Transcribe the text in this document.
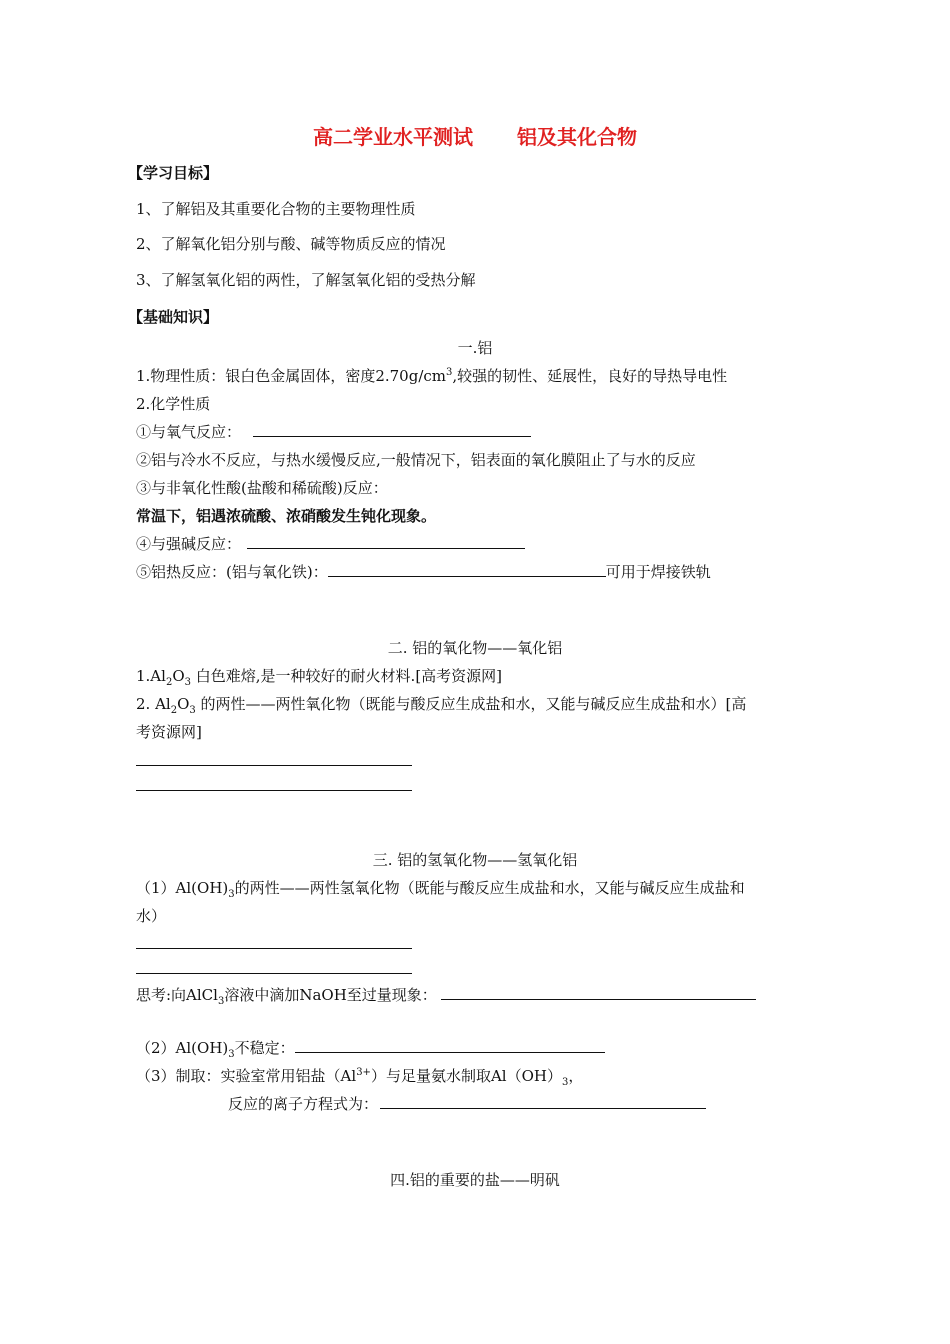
高二学业水平测试 铝及其化合物
【学习目标】
1、了解铝及其重要化合物的主要物理性质
2、了解氧化铝分别与酸、碱等物质反应的情况
3、了解氢氧化铝的两性，了解氢氧化铝的受热分解
【基础知识】
一.铝
1.物理性质：银白色金属固体，密度$2.70g/cm^3$,较强的韧性、延展性，良好的导热导电性
2.化学性质
①与氧气反应：
②铝与冷水不反应，与热水缓慢反应,一般情况下，铝表面的氧化膜阻止了与水的反应
③与非氧化性酸(盐酸和稀硫酸)反应：
常温下，铝遇浓硫酸、浓硝酸发生钝化现象。
④与强碱反应：
⑤铝热反应：(铝与氧化铁)：	可用于焊接铁轨
二. 铝的氧化物——氧化铝
$1.Al_2O_3$ 白色难熔,是一种较好的耐火材料.[高考资源网]
2. $Al_2O_3$ 的两性——两性氧化物（既能与酸反应生成盐和水，又能与碱反应生成盐和水）[高
考资源网]
三. 铝的氢氧化物——氢氧化铝
$(1)Al(OH)_3$的两性——两性氢氧化物（既能与酸反应生成盐和水，又能与碱反应生成盐和
水）
思考:向AlCl$_3$溶液中滴加NaOH至过量现象：
$(2)Al(OH)_3$不稳定：
（3）制取：实验室常用铝盐$(Al^{3+})$与足量氨水制取$Al(OH)_3$，
反应的离子方程式为：
四.铝的重要的盐——明矾
